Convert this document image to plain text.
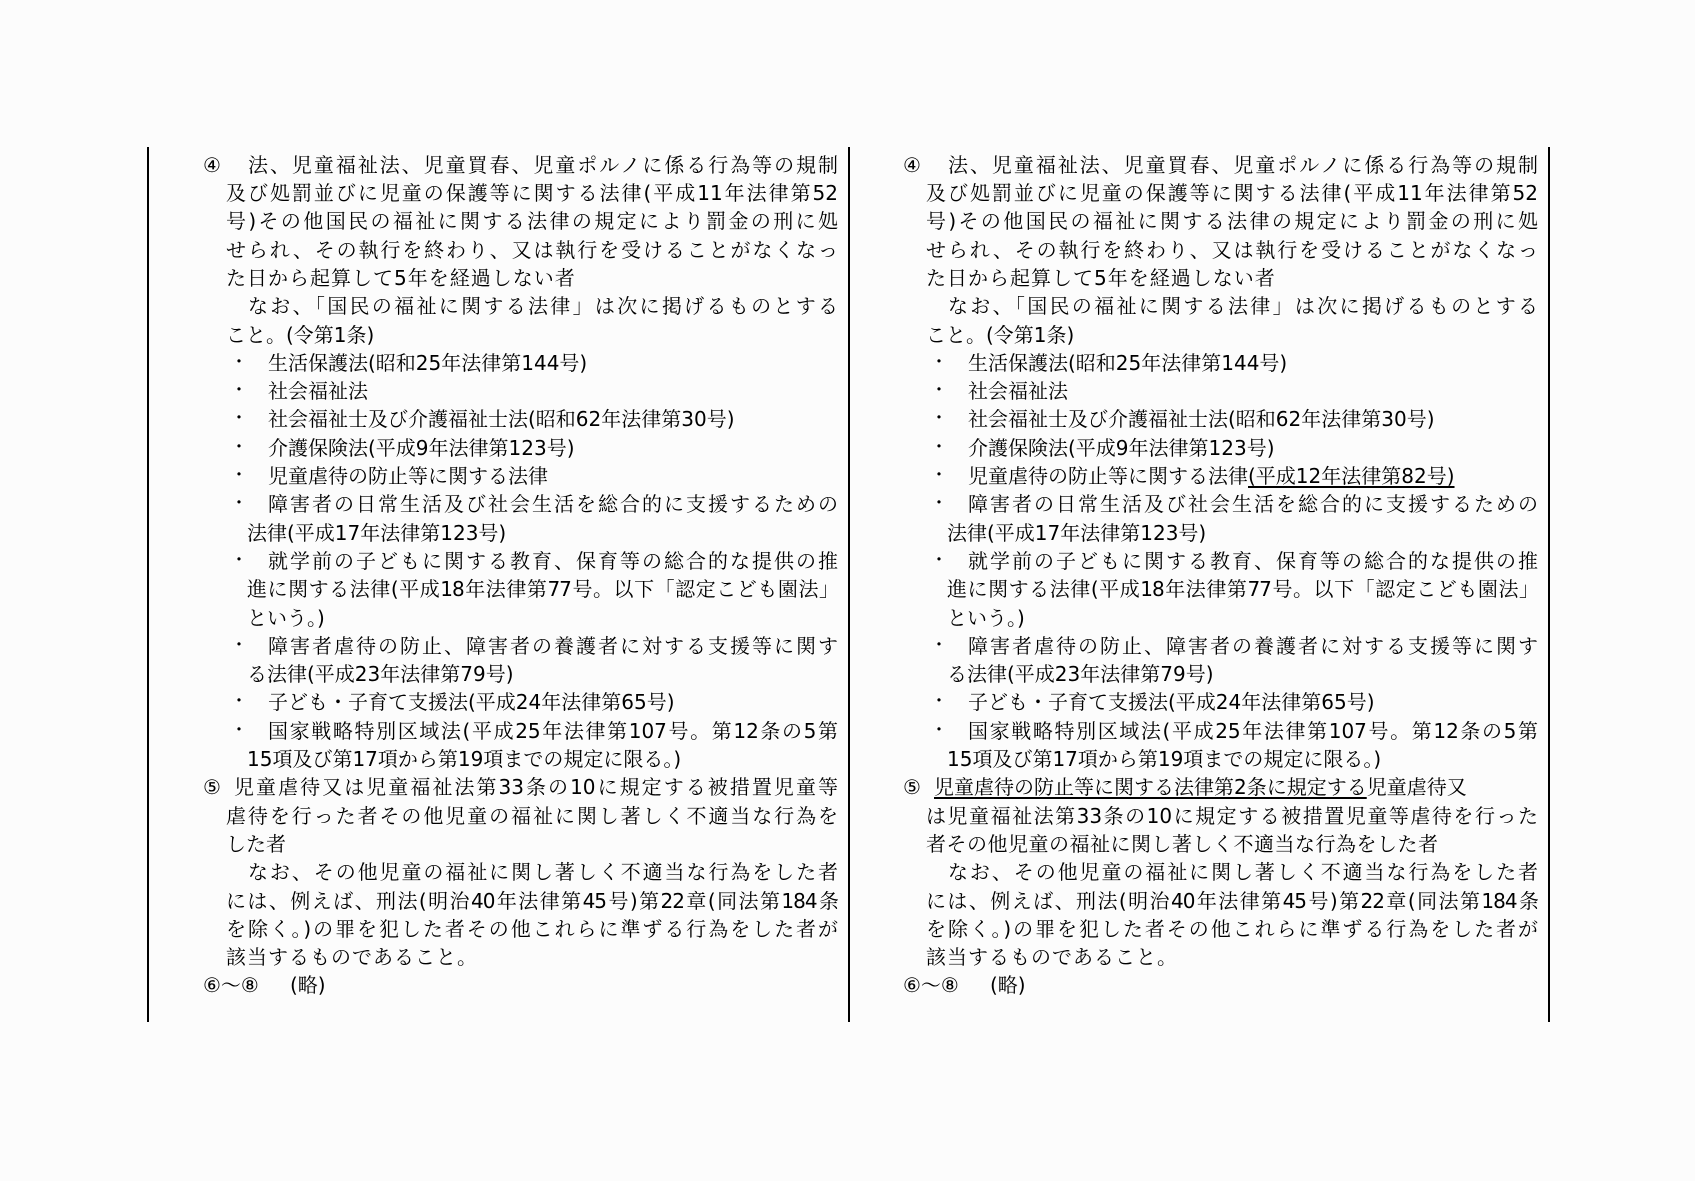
④ 法、児童福祉法、児童買春、児童ポルノに係る行為等の規制
及び処罰並びに児童の保護等に関する法律(平成11年法律第52
号)その他国民の福祉に関する法律の規定により罰金の刑に処
せられ、その執行を終わり、又は執行を受けることがなくなっ
た日から起算して5年を経過しない者
なお、「国民の福祉に関する法律」は次に掲げるものとする
こと。(令第1条)
・ 生活保護法(昭和25年法律第144号)
・ 社会福祉法
・ 社会福祉士及び介護福祉士法(昭和62年法律第30号)
・ 介護保険法(平成9年法律第123号)
・ 児童虐待の防止等に関する法律
・ 障害者の日常生活及び社会生活を総合的に支援するための
法律(平成17年法律第123号)
・ 就学前の子どもに関する教育、保育等の総合的な提供の推
進に関する法律(平成18年法律第77号。以下「認定こども園法」
という。)
・ 障害者虐待の防止、障害者の養護者に対する支援等に関す
る法律(平成23年法律第79号)
・ 子ども・子育て支援法(平成24年法律第65号)
・ 国家戦略特別区域法(平成25年法律第107号。第12条の5第
15項及び第17項から第19項までの規定に限る。)
⑤ 児童虐待又は児童福祉法第33条の10に規定する被措置児童等
虐待を行った者その他児童の福祉に関し著しく不適当な行為を
した者
なお、その他児童の福祉に関し著しく不適当な行為をした者
には、例えば、刑法(明治40年法律第45号)第22章(同法第184条
を除く。)の罪を犯した者その他これらに準ずる行為をした者が
該当するものであること。
⑥～⑧ (略)
④ 法、児童福祉法、児童買春、児童ポルノに係る行為等の規制
及び処罰並びに児童の保護等に関する法律(平成11年法律第52
号)その他国民の福祉に関する法律の規定により罰金の刑に処
せられ、その執行を終わり、又は執行を受けることがなくなっ
た日から起算して5年を経過しない者
なお、「国民の福祉に関する法律」は次に掲げるものとする
こと。(令第1条)
・ 生活保護法(昭和25年法律第144号)
・ 社会福祉法
・ 社会福祉士及び介護福祉士法(昭和62年法律第30号)
・ 介護保険法(平成9年法律第123号)
・ 児童虐待の防止等に関する法律(平成12年法律第82号)
・ 障害者の日常生活及び社会生活を総合的に支援するための
法律(平成17年法律第123号)
・ 就学前の子どもに関する教育、保育等の総合的な提供の推
進に関する法律(平成18年法律第77号。以下「認定こども園法」
という。)
・ 障害者虐待の防止、障害者の養護者に対する支援等に関す
る法律(平成23年法律第79号)
・ 子ども・子育て支援法(平成24年法律第65号)
・ 国家戦略特別区域法(平成25年法律第107号。第12条の5第
15項及び第17項から第19項までの規定に限る。)
⑤ 児童虐待の防止等に関する法律第2条に規定する児童虐待又
は児童福祉法第33条の10に規定する被措置児童等虐待を行った
者その他児童の福祉に関し著しく不適当な行為をした者
なお、その他児童の福祉に関し著しく不適当な行為をした者
には、例えば、刑法(明治40年法律第45号)第22章(同法第184条
を除く。)の罪を犯した者その他これらに準ずる行為をした者が
該当するものであること。
⑥～⑧ (略)
